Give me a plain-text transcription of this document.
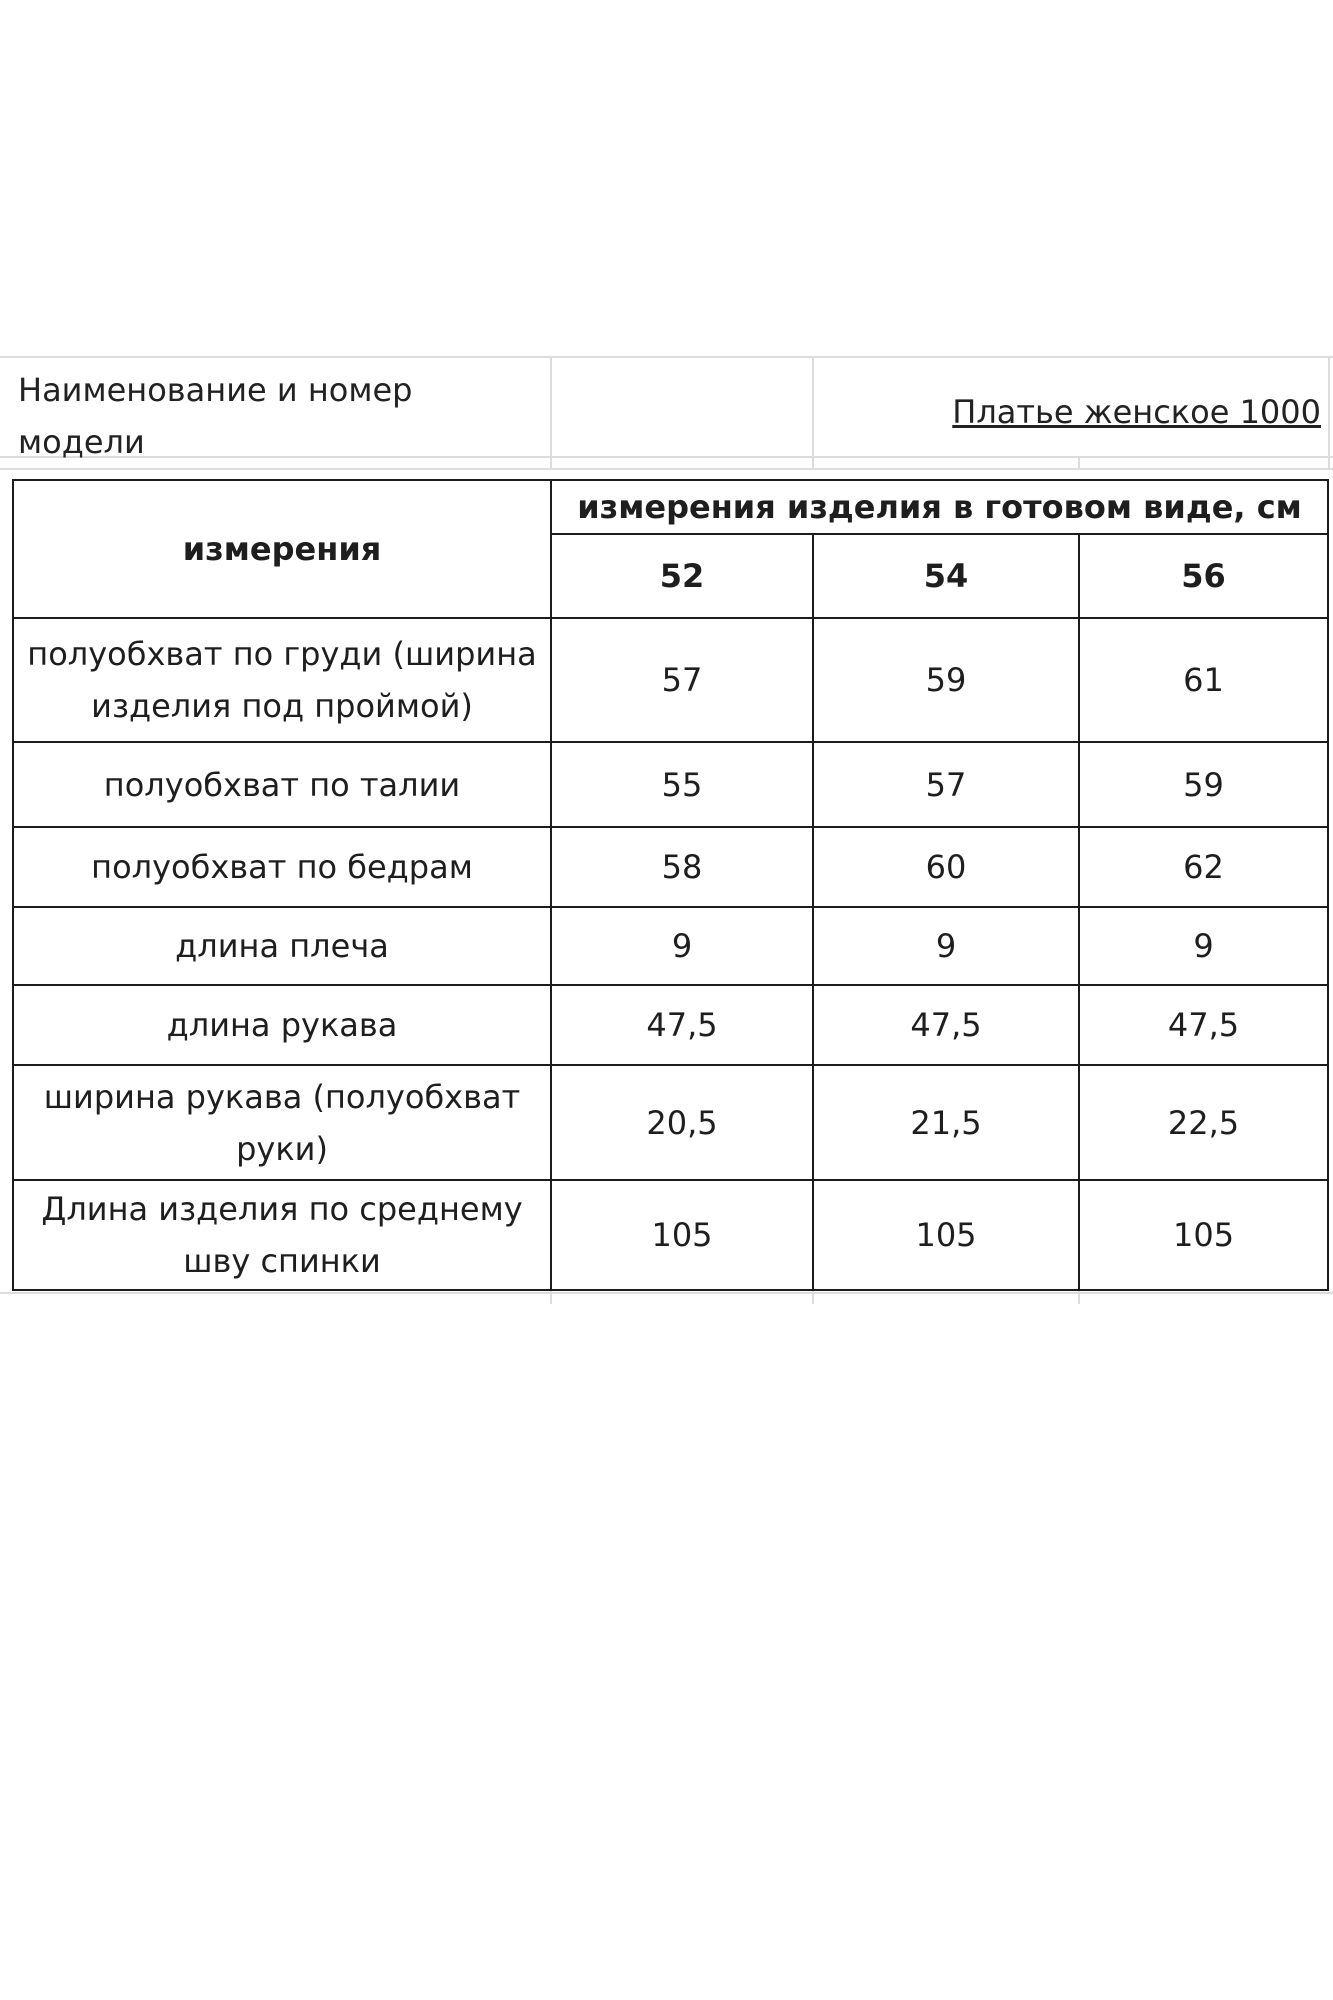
Наименование и номер модели
Платье женское 1000
измерения	измерения изделия в готовом виде, см		
	52	54	56
полуобхват по груди (ширина изделия под проймой)	57	59	61
полуобхват по талии	55	57	59
полуобхват по бедрам	58	60	62
длина плеча	9	9	9
длина рукава	47,5	47,5	47,5
ширина рукава (полуобхват руки)	20,5	21,5	22,5
Длина изделия по среднему шву спинки	105	105	105
